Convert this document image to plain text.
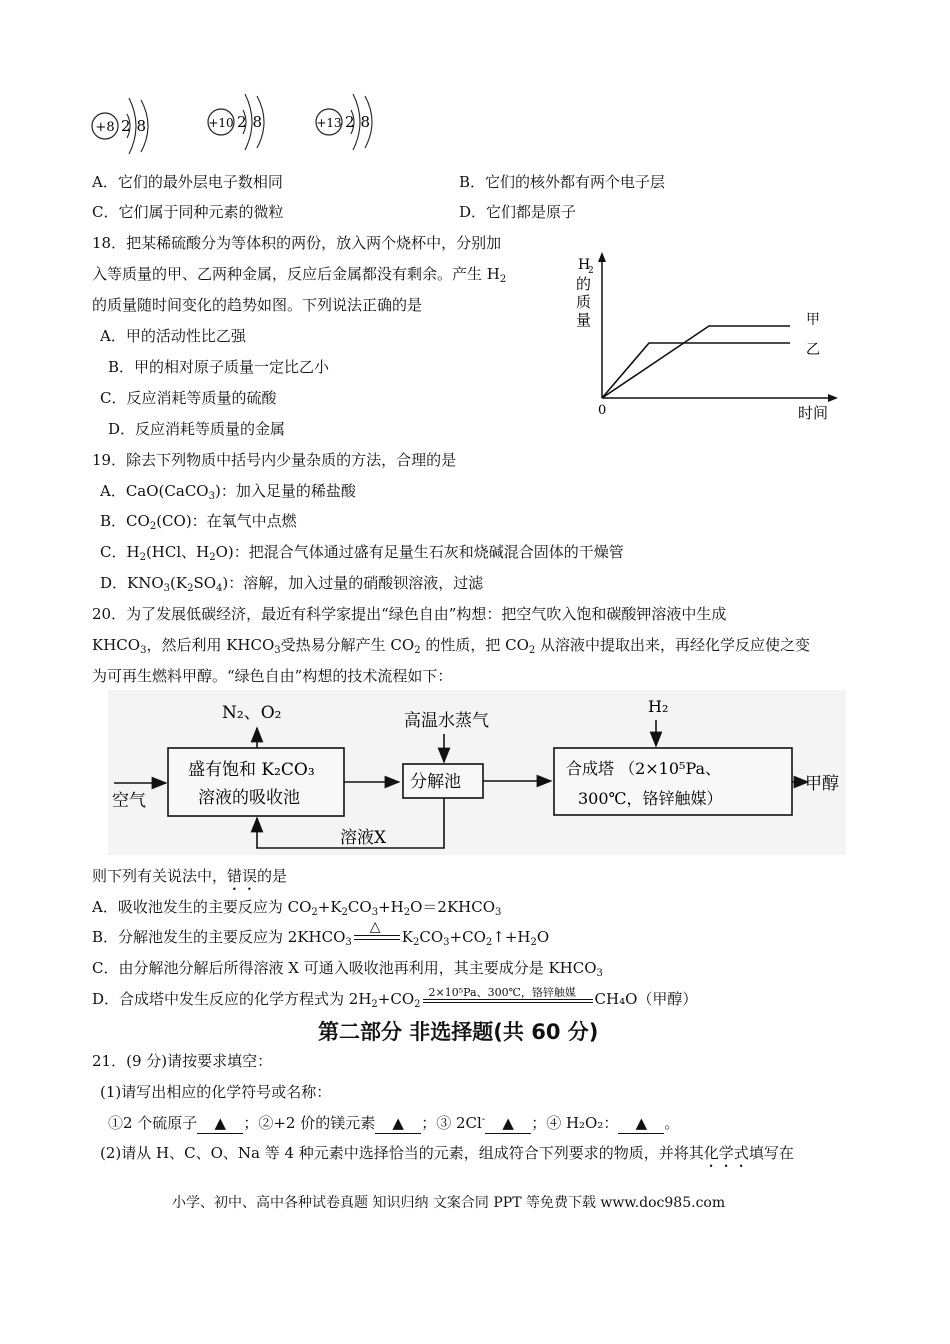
+8 28	+10 28	+13 28
A．它们的最外层电子数相同	B．它们的核外都有两个电子层
C．它们属于同种元素的微粒	D．它们都是原子
18．把某稀硫酸分为等体积的两份，放入两个烧杯中，分别加
入等质量的甲、乙两种金属，反应后金属都没有剩余。产生 $H_2$
的质量随时间变化的趋势如图。下列说法正确的是
A．甲的活动性比乙强
B．甲的相对原子质量一定比乙小
C．反应消耗等质量的硫酸
D．反应消耗等质量的金属
H
2
的
质
量
0	时间
甲
乙
19．除去下列物质中括号内少量杂质的方法，合理的是
A．CaO(CaCO$_3$)：加入足量的稀盐酸
B．$CO_2(CO)$：在氧气中点燃
C．$H_2(HCl$、$H_2O$)：把混合气体通过盛有足量生石灰和烧碱混合固体的干燥管
D．$KNO_3(K_2SO_4)$：溶解，加入过量的硝酸钡溶液，过滤
20．为了发展低碳经济，最近有科学家提出“绿色自由”构想：把空气吹入饱和碳酸钾溶液中生成
$KHCO_3$，然后利用 $KHCO_3$受热易分解产生 $CO_2$ 的性质，把 $CO_2$ 从溶液中提取出来，再经化学反应使之变
为可再生燃料甲醇。“绿色自由”构想的技术流程如下：
N₂、O₂
盛有饱和 K₂CO₃
溶液的吸收池
空气
高温水蒸气
分解池
H₂
合成塔 （2×10⁵Pa、
300℃，铬锌触媒）
甲醇
溶液X
则下列有关说法中，错误的是
A．吸收池发生的主要反应为 $CO_2+K_2CO_3+H_2O=2KHCO_3$
B．分解池发生的主要反应为 $2KHCO_3$
△
$K_2CO_3+CO_2↑+H_2O$
C．由分解池分解后所得溶液 X 可通入吸收池再利用，其主要成分是 $KHCO_3$
D．合成塔中发生反应的化学方程式为 $2H_2+CO_2$
2×10⁵Pa、300℃，铬锌触媒 CH₄O（甲醇）
第二部分 非选择题(共 60 分)
21．(9 分)请按要求填空：
(1)请写出相应的化学符号或名称：
①2 个硫原子 ▲ ；②+2 价的镁元素 ▲ ；③ 2Cl- ▲ ；④ H₂O₂： ▲ 。
(2)请从 H、C、O、Na 等 4 种元素中选择恰当的元素，组成符合下列要求的物质，并将其化学式填写在
小学、初中、高中各种试卷真题 知识归纳 文案合同 PPT 等免费下载 www.doc985.com
